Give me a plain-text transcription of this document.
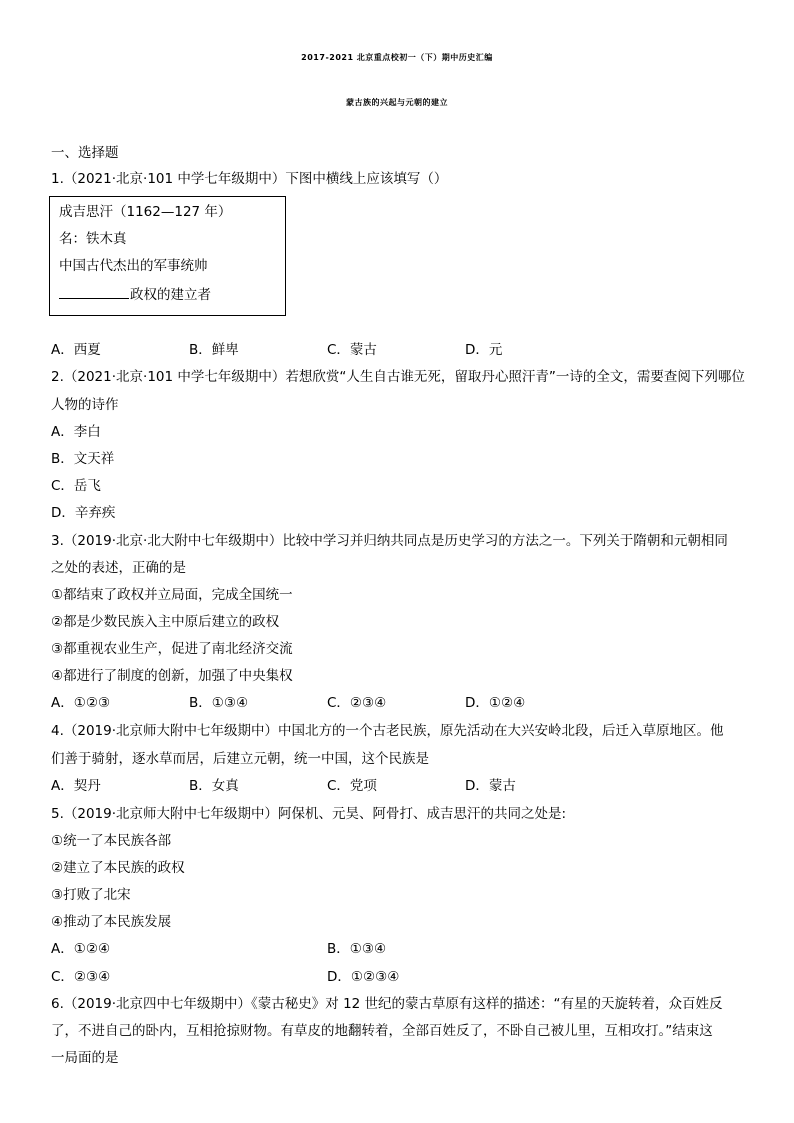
2017-2021 北京重点校初一（下）期中历史汇编
蒙古族的兴起与元朝的建立
一、选择题
1.（2021·北京·101 中学七年级期中）下图中横线上应该填写（）
成吉思汗（1162—127 年）
名：铁木真
中国古代杰出的军事统帅
政权的建立者
A．西夏	B．鲜卑	C．蒙古	D．元
2.（2021·北京·101 中学七年级期中）若想欣赏“人生自古谁无死，留取丹心照汗青”一诗的全文，需要查阅下列哪位
人物的诗作
A．李白
B．文天祥
C．岳飞
D．辛弃疾
3.（2019·北京·北大附中七年级期中）比较中学习并归纳共同点是历史学习的方法之一。下列关于隋朝和元朝相同
之处的表述，正确的是
①都结束了政权并立局面，完成全国统一
②都是少数民族入主中原后建立的政权
③都重视农业生产，促进了南北经济交流
④都进行了制度的创新，加强了中央集权
A．①②③	B．①③④	C．②③④	D．①②④
4.（2019·北京师大附中七年级期中）中国北方的一个古老民族，原先活动在大兴安岭北段，后迁入草原地区。他
们善于骑射，逐水草而居，后建立元朝，统一中国，这个民族是
A．契丹	B．女真	C．党项	D．蒙古
5.（2019·北京师大附中七年级期中）阿保机、元昊、阿骨打、成吉思汗的共同之处是:
①统一了本民族各部
②建立了本民族的政权
③打败了北宋
④推动了本民族发展
A．①②④	B．①③④
C．②③④	D．①②③④
6.（2019·北京四中七年级期中）《蒙古秘史》对 12 世纪的蒙古草原有这样的描述：“有星的天旋转着，众百姓反
了，不进自己的卧内，互相抢掠财物。有草皮的地翻转着，全部百姓反了，不卧自己被儿里，互相攻打。”结束这
一局面的是
